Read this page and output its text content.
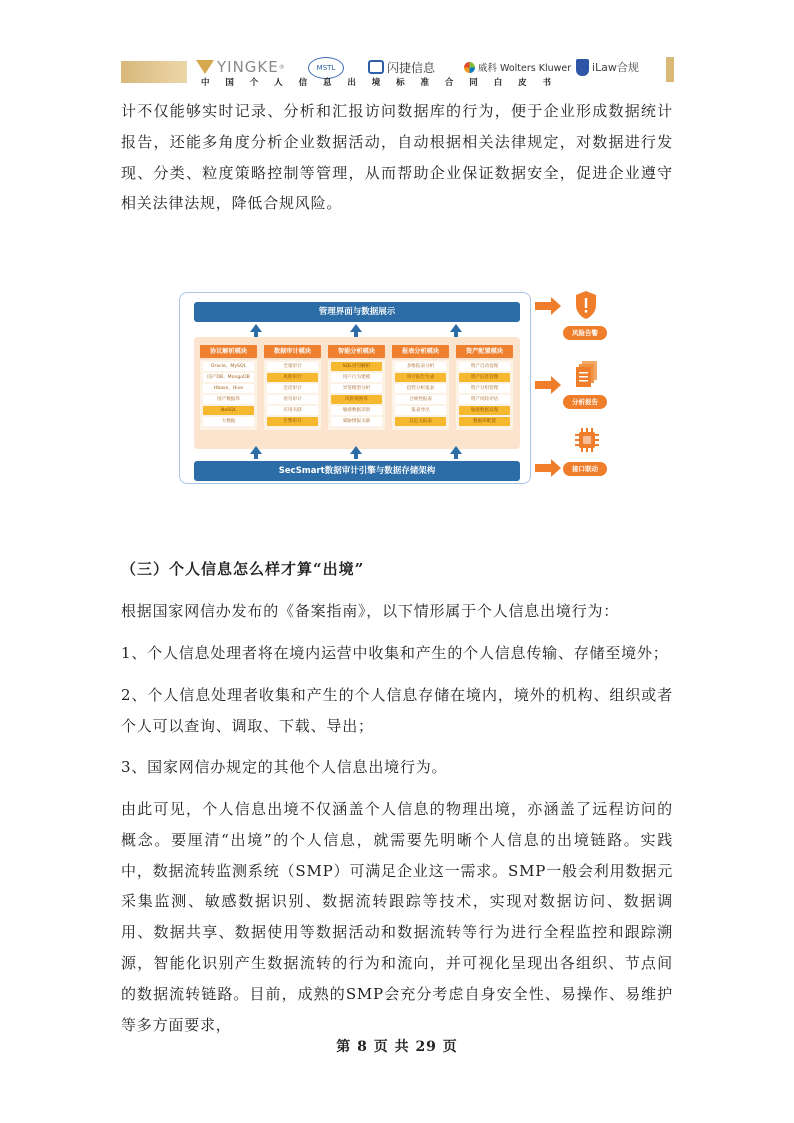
YINGKE ®	MSTL	闪捷信息	威科 Wolters Kluwer iLaw合规
中 国 个 人 信 息 出 境 标 准 合 同 白 皮 书

计不仅能够实时记录、分析和汇报访问数据库的行为，便于企业形成数据统计报告，还能多角度分析企业数据活动，自动根据相关法律规定，对数据进行发现、分类、粒度策略控制等管理，从而帮助企业保证数据安全，促进企业遵守相关法律法规，降低合规风险。

管理界面与数据展示
协议解析模块
Oracle、MySQL
国产DB、MongoDB
Hbase、Hive
国产数据库
NoSQL
大数据
数据审计模块
全量审计
风险审计
会话审计
语句审计
应用关联
告警审计
智能分析模块
SQL语句解析
用户行为建模
异常模型分析
风险规则库
敏感数据识别
威胁情报关联
报表分析模块
多维报表分析
审计报告生成
趋势分析报表
合规性报表
报表导出
自定义报表
资产配置模块
资产自动发现
资产信息管理
资产分组管理
资产风险评估
敏感数据发现
数据库配置
SecSmart数据审计引擎与数据存储架构
风险告警
分析报告
接口联动
（三）个人信息怎么样才算“出境”

根据国家网信办发布的《备案指南》，以下情形属于个人信息出境行为：

1、个人信息处理者将在境内运营中收集和产生的个人信息传输、存储至境外；

2、个人信息处理者收集和产生的个人信息存储在境内，境外的机构、组织或者个人可以查询、调取、下载、导出；

3、国家网信办规定的其他个人信息出境行为。

由此可见，个人信息出境不仅涵盖个人信息的物理出境，亦涵盖了远程访问的概念。要厘清“出境”的个人信息，就需要先明晰个人信息的出境链路。实践中，数据流转监测系统（SMP）可满足企业这一需求。SMP一般会利用数据元采集监测、敏感数据识别、数据流转跟踪等技术，实现对数据访问、数据调用、数据共享、数据使用等数据活动和数据流转等行为进行全程监控和跟踪溯源，智能化识别产生数据流转的行为和流向，并可视化呈现出各组织、节点间的数据流转链路。目前，成熟的SMP会充分考虑自身安全性、易操作、易维护等多方面要求，

第 8 页 共 29 页
